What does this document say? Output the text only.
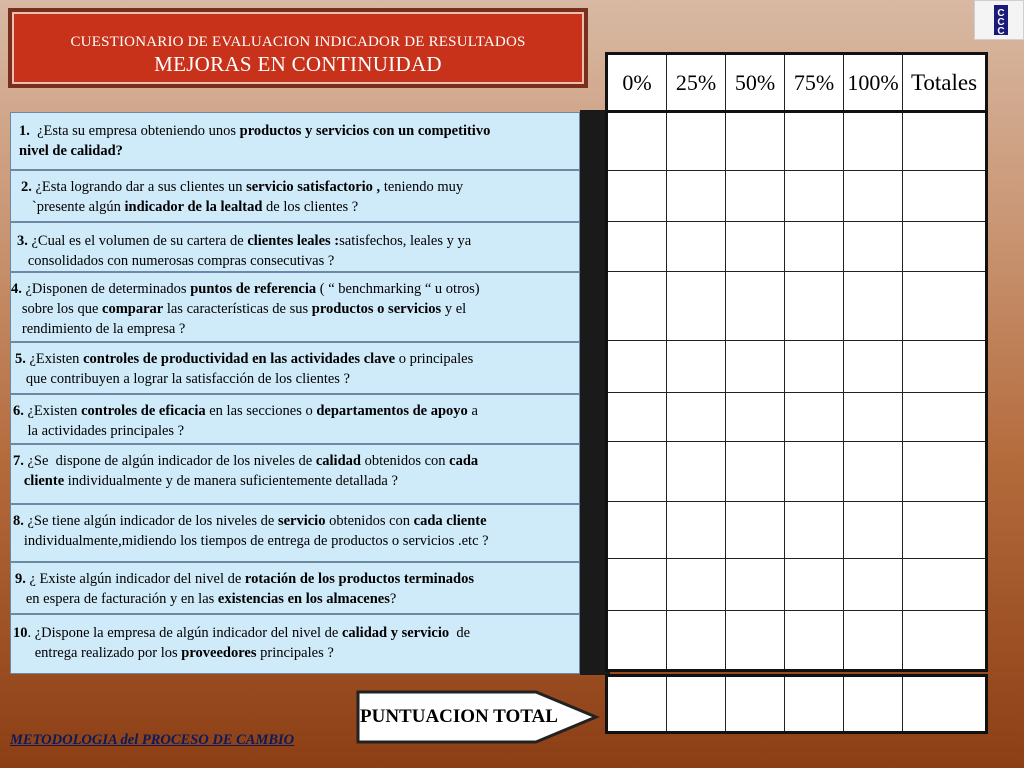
CUESTIONARIO DE EVALUACION INDICADOR DE RESULTADOS
MEJORAS EN CONTINUIDAD
C
C
C
1.  ¿Esta su empresa obteniendo unos productos y servicios con un competitivo
nivel de calidad?
2. ¿Esta logrando dar a sus clientes un servicio satisfactorio , teniendo muy
`presente algún indicador de la lealtad de los clientes ?
3. ¿Cual es el volumen de su cartera de clientes leales :satisfechos, leales y ya
consolidados con numerosas compras consecutivas ?
4. ¿Disponen de determinados puntos de referencia ( “ benchmarking “ u otros)
sobre los que comparar las características de sus productos o servicios y el
rendimiento de la empresa ?
5. ¿Existen controles de productividad en las actividades clave o principales
que contribuyen a lograr la satisfacción de los clientes ?
6. ¿Existen controles de eficacia en las secciones o departamentos de apoyo a
la actividades principales ?
7. ¿Se  dispone de algún indicador de los niveles de calidad obtenidos con cada
cliente individualmente y de manera suficientemente detallada ?
8. ¿Se tiene algún indicador de los niveles de servicio obtenidos con cada cliente
individualmente,midiendo los tiempos de entrega de productos o servicios .etc ?
9. ¿ Existe algún indicador del nivel de rotación de los productos terminados
en espera de facturación y en las existencias en los almacenes?
10. ¿Dispone la empresa de algún indicador del nivel de calidad y servicio  de
entrega realizado por los proveedores principales ?
0%	25%	50%	75%	100%	Totales

PUNTUACION TOTAL
METODOLOGIA del PROCESO DE CAMBIO
